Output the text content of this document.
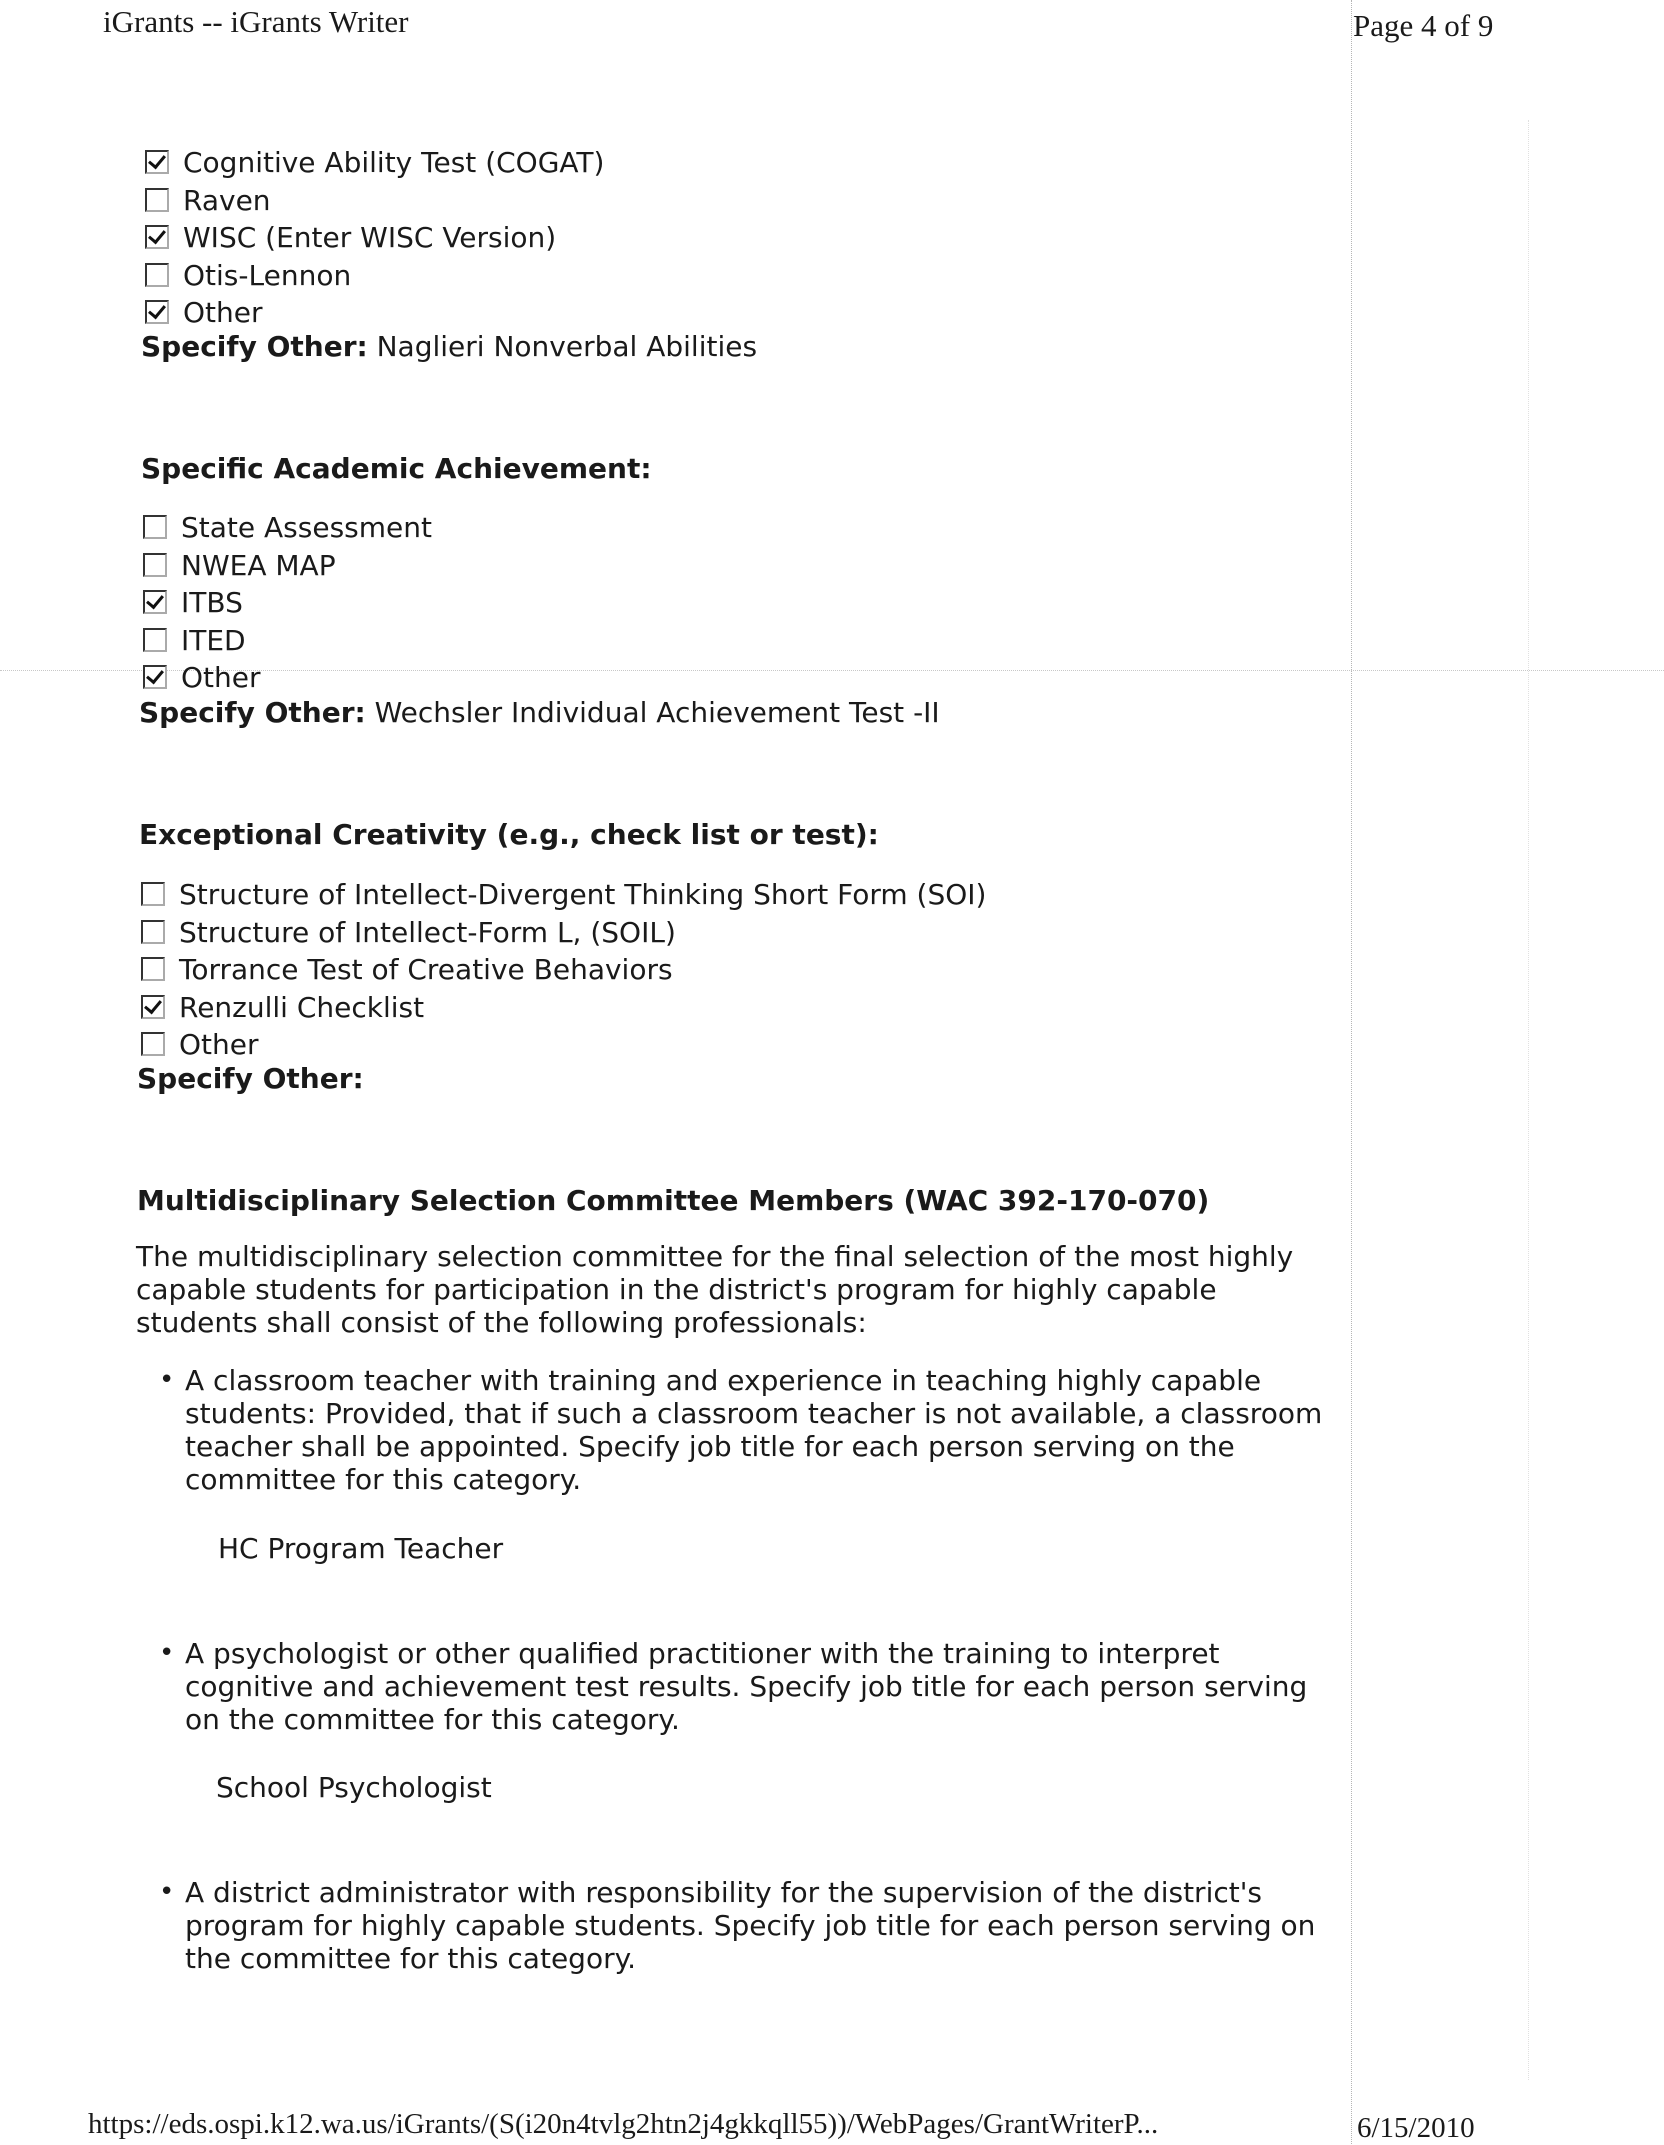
iGrants -- iGrants Writer	Page 4 of 9
Cognitive Ability Test (COGAT)
Raven
WISC (Enter WISC Version)
Otis-Lennon
Other
Specify Other: Naglieri Nonverbal Abilities
Specific Academic Achievement:
State Assessment
NWEA MAP
ITBS
ITED
Other
Specify Other: Wechsler Individual Achievement Test -II
Exceptional Creativity (e.g., check list or test):
Structure of Intellect-Divergent Thinking Short Form (SOI)
Structure of Intellect-Form L, (SOIL)
Torrance Test of Creative Behaviors
Renzulli Checklist
Other
Specify Other:
Multidisciplinary Selection Committee Members (WAC 392-170-070)

The multidisciplinary selection committee for the final selection of the most highly capable students for participation in the district's program for highly capable students shall consist of the following professionals:

• A classroom teacher with training and experience in teaching highly capable students: Provided, that if such a classroom teacher is not available, a classroom teacher shall be appointed. Specify job title for each person serving on the committee for this category.
HC Program Teacher
• A psychologist or other qualified practitioner with the training to interpret cognitive and achievement test results. Specify job title for each person serving on the committee for this category.
School Psychologist
• A district administrator with responsibility for the supervision of the district's program for highly capable students. Specify job title for each person serving on the committee for this category.
https://eds.ospi.k12.wa.us/iGrants/(S(i20n4tvlg2htn2j4gkkqll55))/WebPages/GrantWriterP...	6/15/2010
